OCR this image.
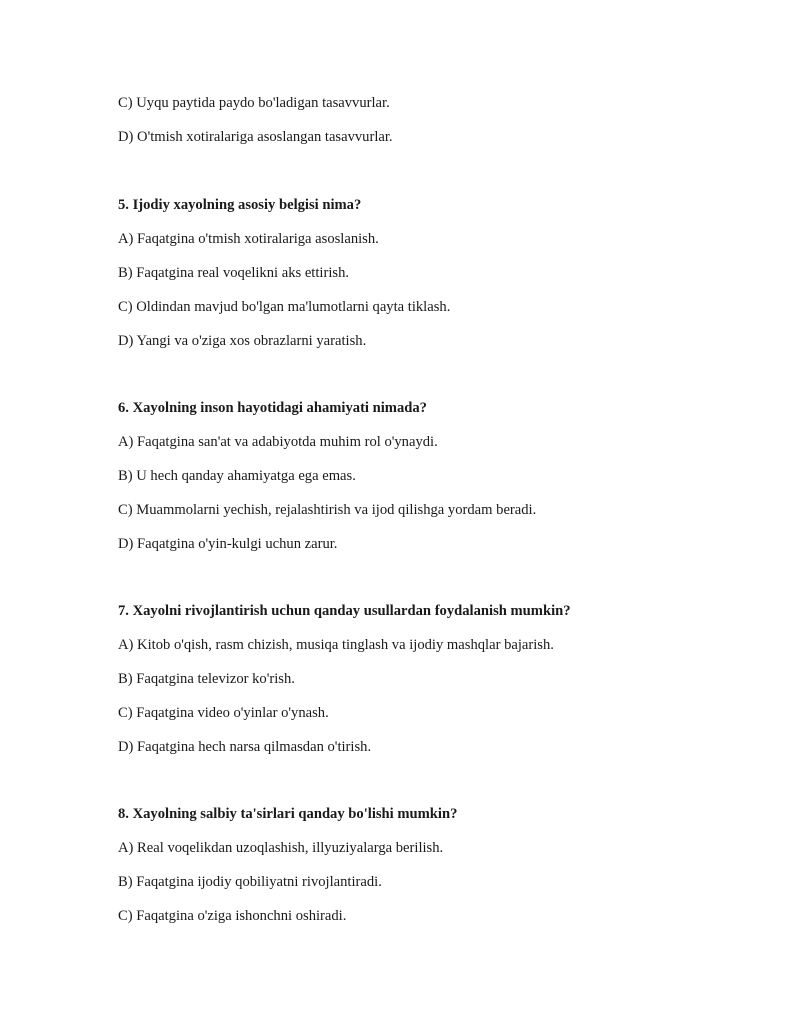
C) Uyqu paytida paydo bo'ladigan tasavvurlar.
D) O'tmish xotiralariga asoslangan tasavvurlar.
5. Ijodiy xayolning asosiy belgisi nima?
A) Faqatgina o'tmish xotiralariga asoslanish.
B) Faqatgina real voqelikni aks ettirish.
C) Oldindan mavjud bo'lgan ma'lumotlarni qayta tiklash.
D) Yangi va o'ziga xos obrazlarni yaratish.
6. Xayolning inson hayotidagi ahamiyati nimada?
A) Faqatgina san'at va adabiyotda muhim rol o'ynaydi.
B) U hech qanday ahamiyatga ega emas.
C) Muammolarni yechish, rejalashtirish va ijod qilishga yordam beradi.
D) Faqatgina o'yin-kulgi uchun zarur.
7. Xayolni rivojlantirish uchun qanday usullardan foydalanish mumkin?
A) Kitob o'qish, rasm chizish, musiqa tinglash va ijodiy mashqlar bajarish.
B) Faqatgina televizor ko'rish.
C) Faqatgina video o'yinlar o'ynash.
D) Faqatgina hech narsa qilmasdan o'tirish.
8. Xayolning salbiy ta'sirlari qanday bo'lishi mumkin?
A) Real voqelikdan uzoqlashish, illyuziyalarga berilish.
B) Faqatgina ijodiy qobiliyatni rivojlantiradi.
C) Faqatgina o'ziga ishonchni oshiradi.
